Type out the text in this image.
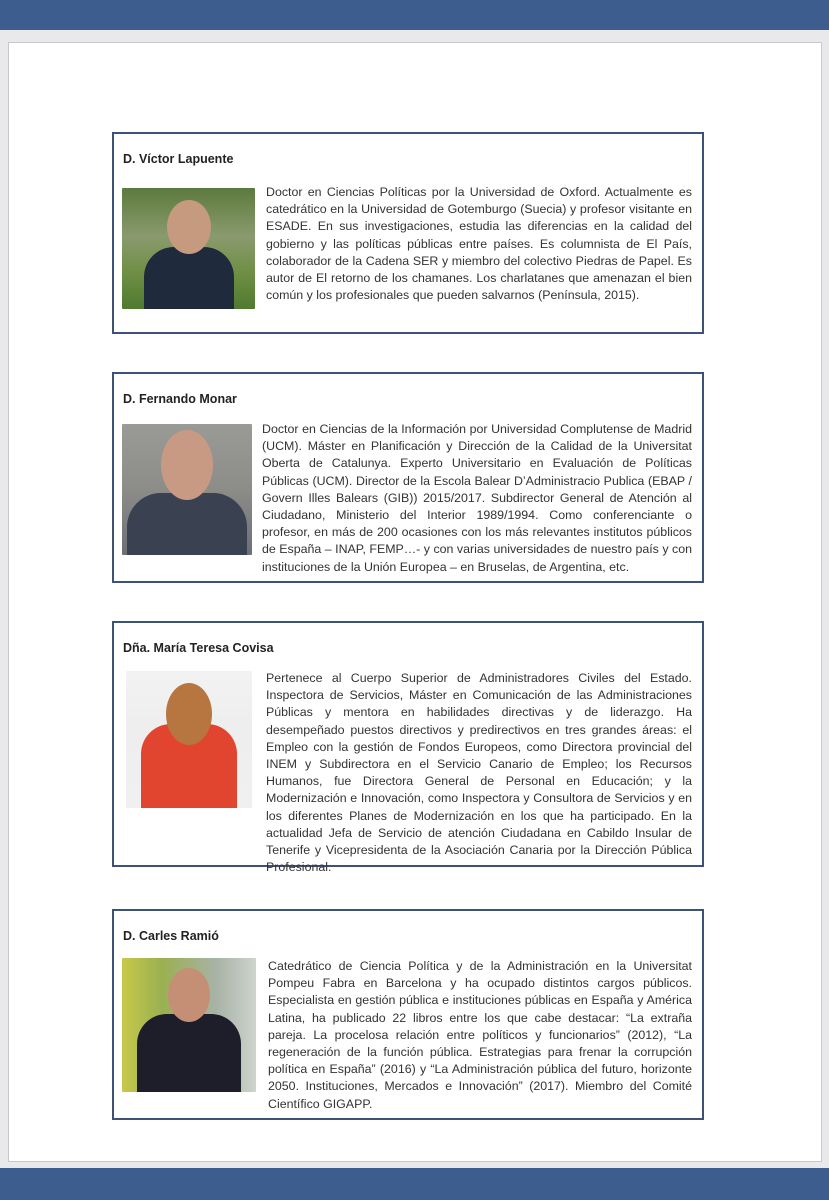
D. Víctor Lapuente
Doctor en Ciencias Políticas por la Universidad de Oxford. Actualmente es catedrático en la Universidad de Gotemburgo (Suecia) y profesor visitante en ESADE. En sus investigaciones, estudia las diferencias en la calidad del gobierno y las políticas públicas entre países. Es columnista de El País, colaborador de la Cadena SER y miembro del colectivo Piedras de Papel. Es autor de El retorno de los chamanes. Los charlatanes que amenazan el bien común y los profesionales que pueden salvarnos (Península, 2015).
D. Fernando Monar
Doctor en Ciencias de la Información por Universidad Complutense de Madrid (UCM). Máster en Planificación y Dirección de la Calidad de la Universitat Oberta de Catalunya. Experto Universitario en Evaluación de Políticas Públicas (UCM). Director de la Escola Balear D’Administracio Publica (EBAP / Govern Illes Balears (GIB)) 2015/2017. Subdirector General de Atención al Ciudadano, Ministerio del Interior 1989/1994. Como conferenciante o profesor, en más de 200 ocasiones con los más relevantes institutos públicos de España – INAP, FEMP…- y con varias universidades de nuestro país y con instituciones de la Unión Europea – en Bruselas, de Argentina, etc.
Dña. María Teresa Covisa
Pertenece al Cuerpo Superior de Administradores Civiles del Estado. Inspectora de Servicios, Máster en Comunicación de las Administraciones Públicas y mentora en habilidades directivas y de liderazgo. Ha desempeñado puestos directivos y predirectivos en tres grandes áreas: el Empleo con la gestión de Fondos Europeos, como Directora provincial del INEM y Subdirectora en el Servicio Canario de Empleo; los Recursos Humanos, fue Directora General de Personal en Educación; y la Modernización e Innovación, como Inspectora y Consultora de Servicios y en los diferentes Planes de Modernización en los que ha participado. En la actualidad Jefa de Servicio de atención Ciudadana en Cabildo Insular de Tenerife y Vicepresidenta de la Asociación Canaria por la Dirección Pública Profesional.
D. Carles Ramió
Catedrático de Ciencia Política y de la Administración en la Universitat Pompeu Fabra en Barcelona y ha ocupado distintos cargos públicos. Especialista en gestión pública e instituciones públicas en España y América Latina, ha publicado 22 libros entre los que cabe destacar: “La extraña pareja. La procelosa relación entre políticos y funcionarios” (2012), “La regeneración de la función pública. Estrategias para frenar la corrupción política en España” (2016) y “La Administración pública del futuro, horizonte 2050. Instituciones, Mercados e Innovación” (2017). Miembro del Comité Científico GIGAPP.
